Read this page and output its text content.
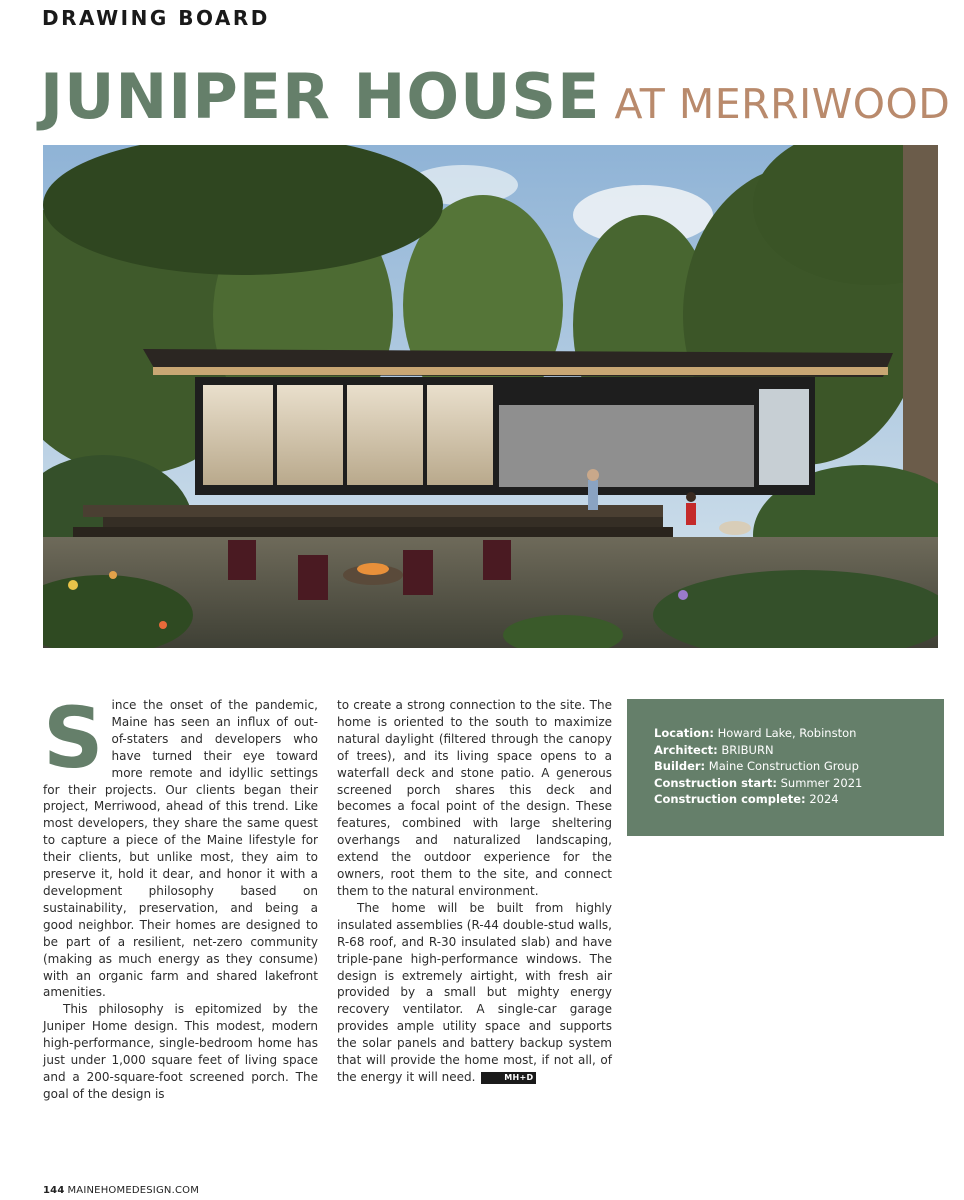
DRAWING BOARD
JUNIPER HOUSE AT MERRIWOOD

Since the onset of the pandemic, Maine has seen an influx of out-of-staters and developers who have turned their eye toward more remote and idyllic settings for their projects. Our clients began their project, Merriwood, ahead of this trend. Like most developers, they share the same quest to capture a piece of the Maine lifestyle for their clients, but unlike most, they aim to preserve it, hold it dear, and honor it with a development philosophy based on sustainability, preservation, and being a good neighbor. Their homes are designed to be part of a resilient, net-zero community (making as much energy as they consume) with an organic farm and shared lakefront amenities.

This philosophy is epitomized by the Juniper Home design. This modest, modern high-performance, single-bedroom home has just under 1,000 square feet of living space and a 200-square-foot screened porch. The goal of the design is

to create a strong connection to the site. The home is oriented to the south to maximize natural daylight (filtered through the canopy of trees), and its living space opens to a waterfall deck and stone patio. A generous screened porch shares this deck and becomes a focal point of the design. These features, combined with large sheltering overhangs and naturalized landscaping, extend the outdoor experience for the owners, root them to the site, and connect them to the natural environment.

The home will be built from highly insulated assemblies (R-44 double-stud walls, R-68 roof, and R-30 insulated slab) and have triple-pane high-performance windows. The design is extremely airtight, with fresh air provided by a small but mighty energy recovery ventilator. A single-car garage provides ample utility space and supports the solar panels and battery backup system that will provide the home most, if not all, of the energy it will need.	MH+D

Location: Howard Lake, Robinston
Architect: BRIBURN
Builder: Maine Construction Group
Construction start: Summer 2021
Construction complete: 2024
144 MAINEHOMEDESIGN.COM
